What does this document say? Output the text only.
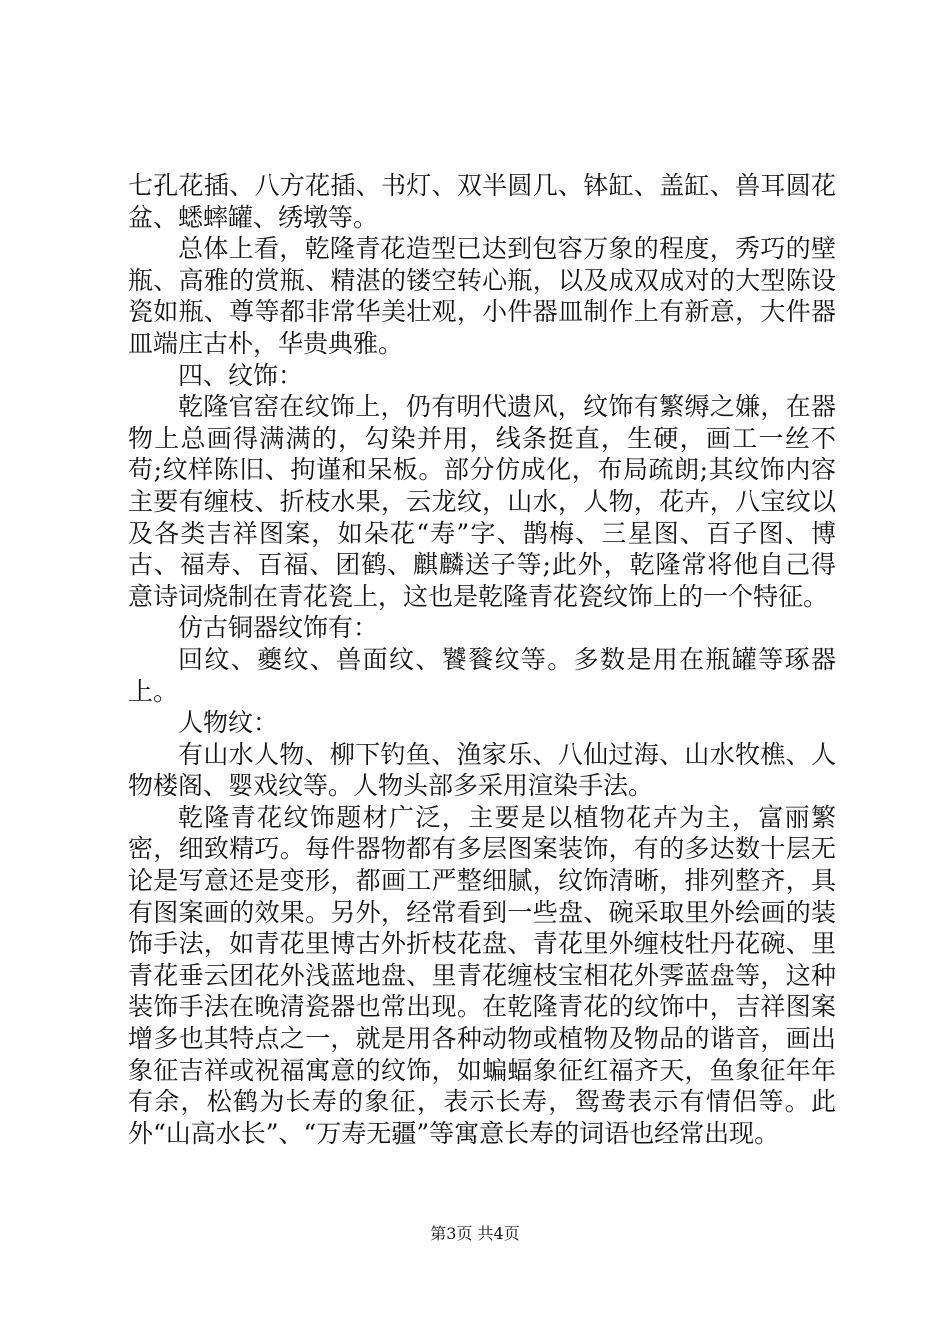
七孔花插、八方花插、书灯、双半圆几、钵缸、盖缸、兽耳圆花盆、蟋蟀罐、绣墩等。

总体上看，乾隆青花造型已达到包容万象的程度，秀巧的壁瓶、高雅的赏瓶、精湛的镂空转心瓶，以及成双成对的大型陈设瓷如瓶、尊等都非常华美壮观，小件器皿制作上有新意，大件器皿端庄古朴，华贵典雅。

四、纹饰：

乾隆官窑在纹饰上，仍有明代遗风，纹饰有繁缛之嫌，在器物上总画得满满的，勾染并用，线条挺直，生硬，画工一丝不苟;纹样陈旧、拘谨和呆板。部分仿成化，布局疏朗;其纹饰内容主要有缠枝、折枝水果，云龙纹，山水，人物，花卉，八宝纹以及各类吉祥图案，如朵花“寿”字、鹊梅、三星图、百子图、博古、福寿、百福、团鹤、麒麟送子等;此外，乾隆常将他自己得意诗词烧制在青花瓷上，这也是乾隆青花瓷纹饰上的一个特征。

仿古铜器纹饰有：

回纹、夔纹、兽面纹、饕餮纹等。多数是用在瓶罐等琢器上。

人物纹：

有山水人物、柳下钓鱼、渔家乐、八仙过海、山水牧樵、人物楼阁、婴戏纹等。人物头部多采用渲染手法。

乾隆青花纹饰题材广泛，主要是以植物花卉为主，富丽繁密，细致精巧。每件器物都有多层图案装饰，有的多达数十层无论是写意还是变形，都画工严整细腻，纹饰清晰，排列整齐，具有图案画的效果。另外，经常看到一些盘、碗采取里外绘画的装饰手法，如青花里博古外折枝花盘、青花里外缠枝牡丹花碗、里青花垂云团花外浅蓝地盘、里青花缠枝宝相花外霁蓝盘等，这种装饰手法在晚清瓷器也常出现。在乾隆青花的纹饰中，吉祥图案增多也其特点之一，就是用各种动物或植物及物品的谐音，画出象征吉祥或祝福寓意的纹饰，如蝙蝠象征红福齐天，鱼象征年年有余，松鹤为长寿的象征，表示长寿，鸳鸯表示有情侣等。此外“山高水长”、“万寿无疆”等寓意长寿的词语也经常出现。

第3页 共4页
